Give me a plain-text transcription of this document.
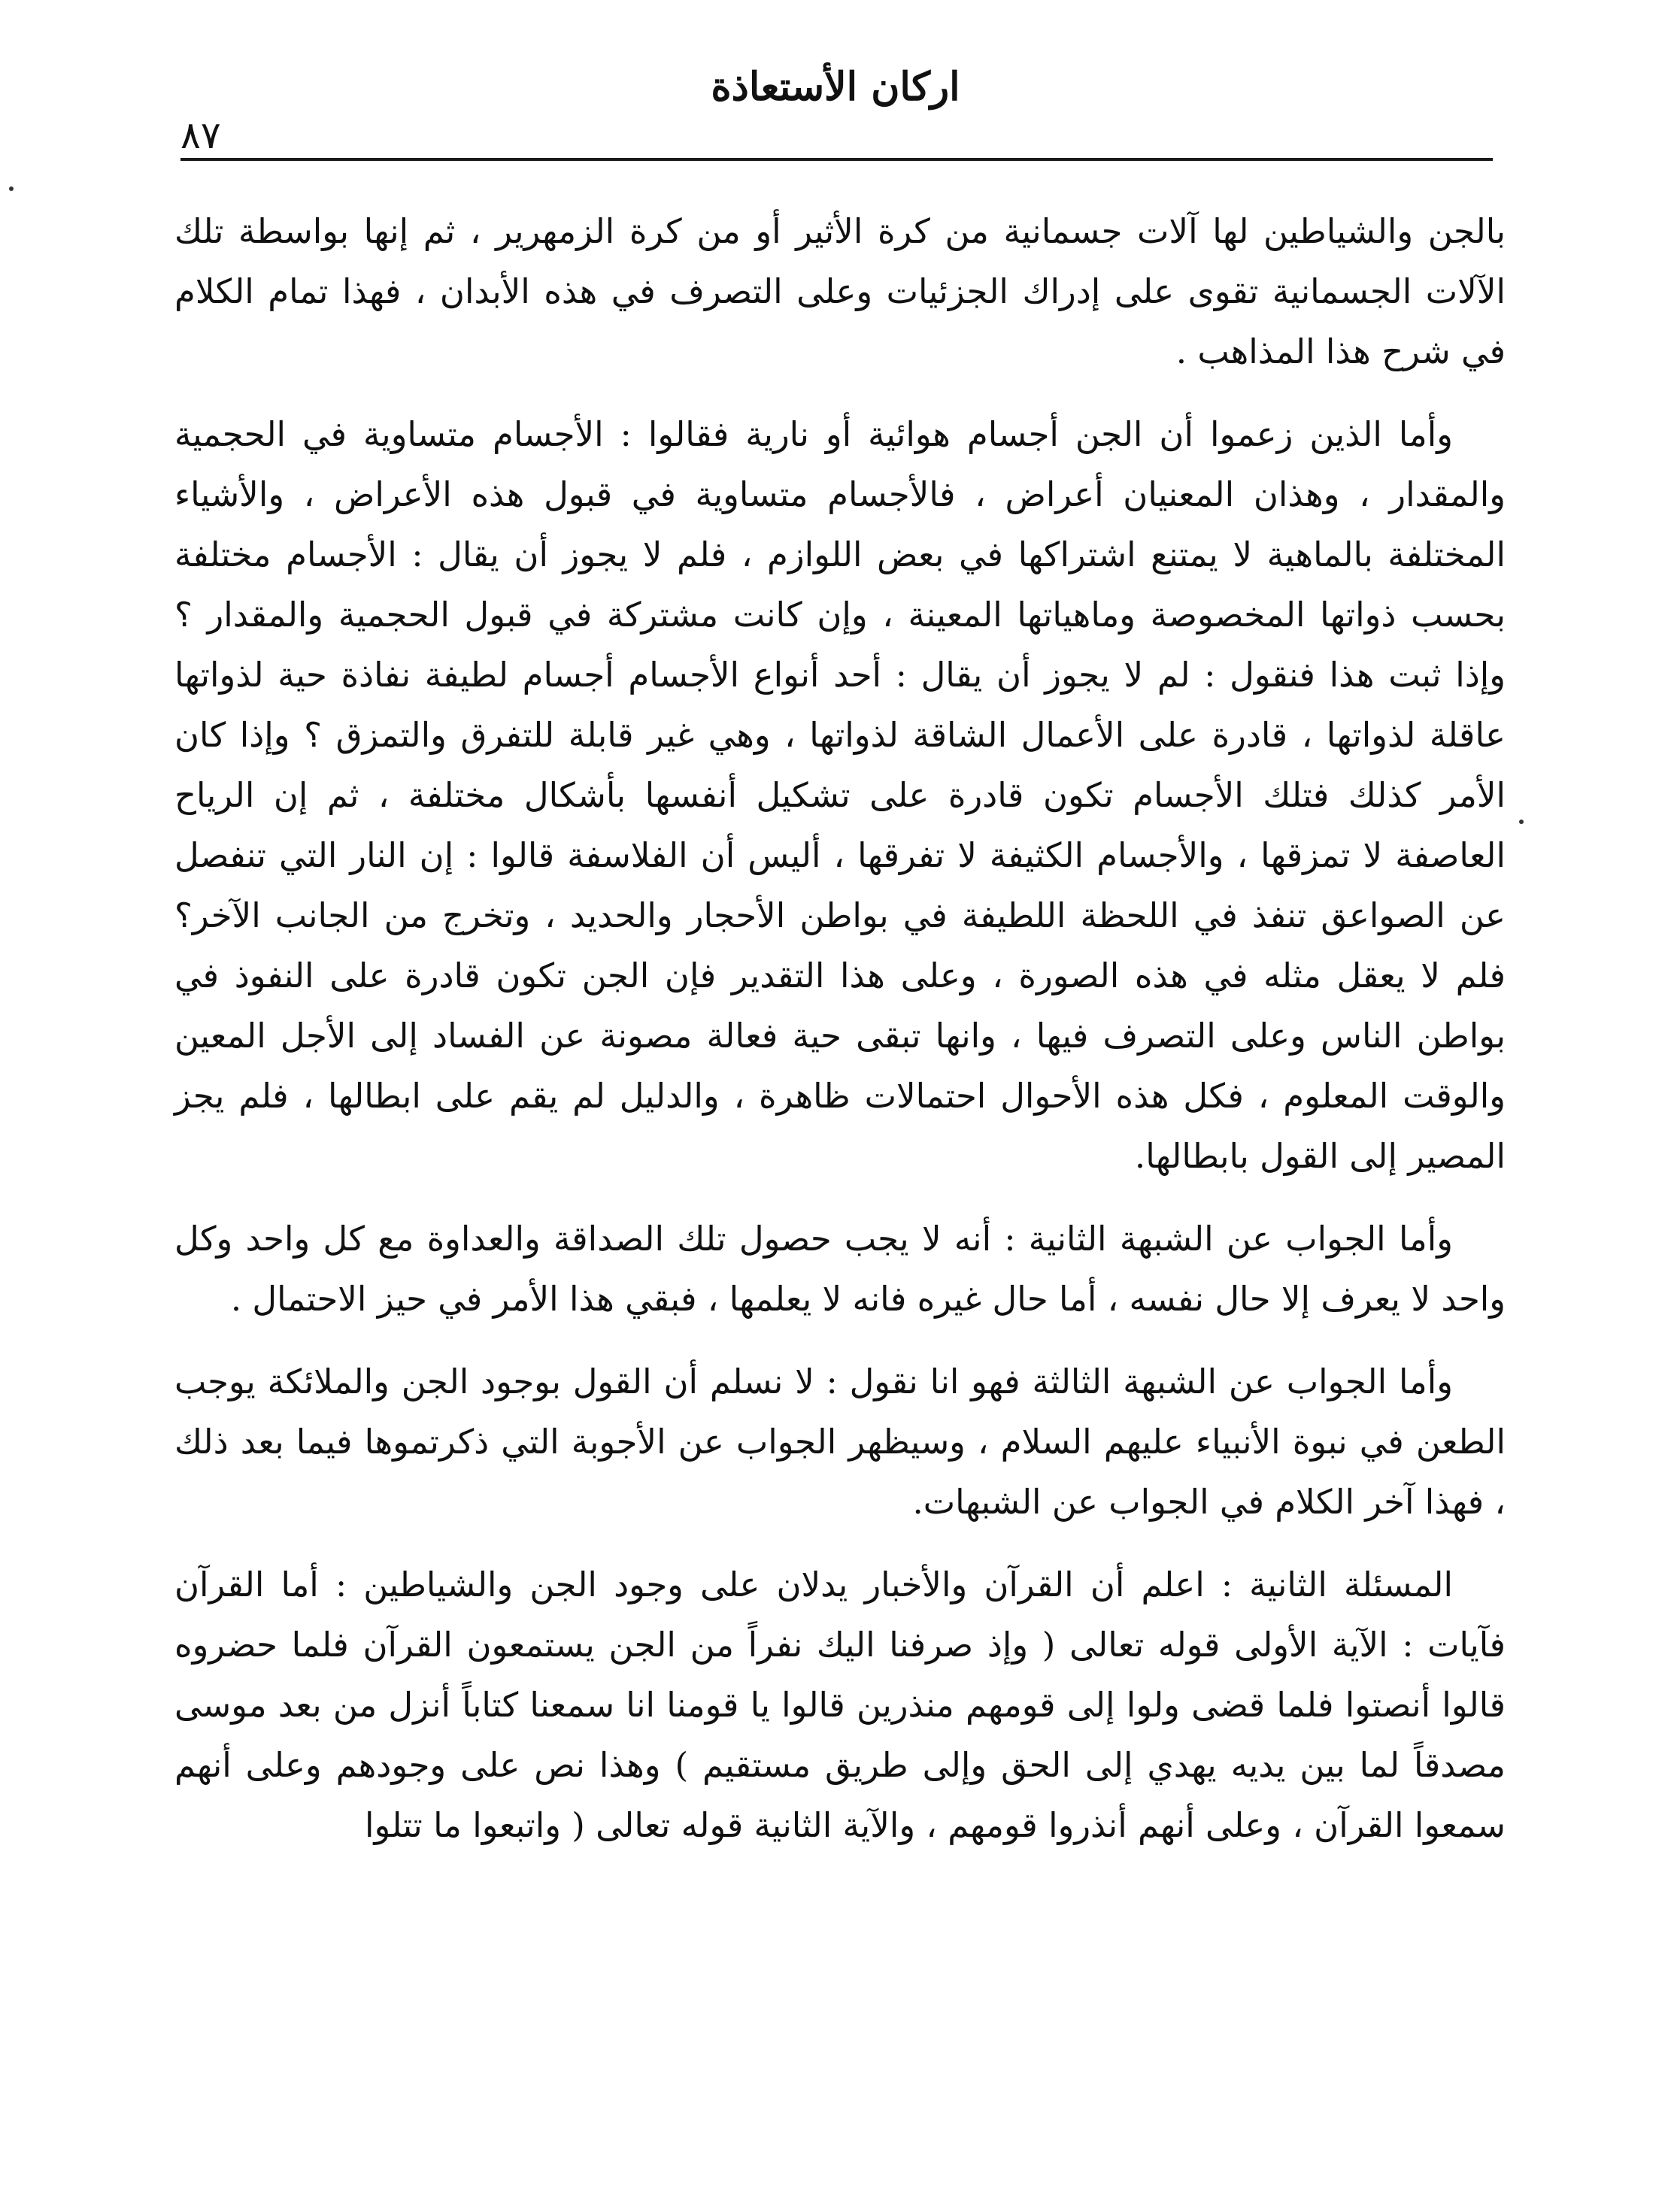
اركان الأستعاذة
٨٧

بالجن والشياطين لها آلات جسمانية من كرة الأثير أو من كرة الزمهرير ، ثم إنها بواسطة تلك الآلات الجسمانية تقوى على إدراك الجزئيات وعلى التصرف في هذه الأبدان ، فهذا تمام الكلام في شرح هذا المذاهب .

وأما الذين زعموا أن الجن أجسام هوائية أو نارية فقالوا : الأجسام متساوية في الحجمية والمقدار ، وهذان المعنيان أعراض ، فالأجسام متساوية في قبول هذه الأعراض ، والأشياء المختلفة بالماهية لا يمتنع اشتراكها في بعض اللوازم ، فلم لا يجوز أن يقال : الأجسام مختلفة بحسب ذواتها المخصوصة وماهياتها المعينة ، وإن كانت مشتركة في قبول الحجمية والمقدار ؟ وإذا ثبت هذا فنقول : لم لا يجوز أن يقال : أحد أنواع الأجسام أجسام لطيفة نفاذة حية لذواتها عاقلة لذواتها ، قادرة على الأعمال الشاقة لذواتها ، وهي غير قابلة للتفرق والتمزق ؟ وإذا كان الأمر كذلك فتلك الأجسام تكون قادرة على تشكيل أنفسها بأشكال مختلفة ، ثم إن الرياح العاصفة لا تمزقها ، والأجسام الكثيفة لا تفرقها ، أليس أن الفلاسفة قالوا : إن النار التي تنفصل عن الصواعق تنفذ في اللحظة اللطيفة في بواطن الأحجار والحديد ، وتخرج من الجانب الآخر؟ فلم لا يعقل مثله في هذه الصورة ، وعلى هذا التقدير فإن الجن تكون قادرة على النفوذ في بواطن الناس وعلى التصرف فيها ، وانها تبقى حية فعالة مصونة عن الفساد إلى الأجل المعين والوقت المعلوم ، فكل هذه الأحوال احتمالات ظاهرة ، والدليل لم يقم على ابطالها ، فلم يجز المصير إلى القول بابطالها.

وأما الجواب عن الشبهة الثانية : أنه لا يجب حصول تلك الصداقة والعداوة مع كل واحد وكل واحد لا يعرف إلا حال نفسه ، أما حال غيره فانه لا يعلمها ، فبقي هذا الأمر في حيز الاحتمال .

وأما الجواب عن الشبهة الثالثة فهو انا نقول : لا نسلم أن القول بوجود الجن والملائكة يوجب الطعن في نبوة الأنبياء عليهم السلام ، وسيظهر الجواب عن الأجوبة التي ذكرتموها فيما بعد ذلك ، فهذا آخر الكلام في الجواب عن الشبهات.

المسئلة الثانية : اعلم أن القرآن والأخبار يدلان على وجود الجن والشياطين : أما القرآن فآيات : الآية الأولى قوله تعالى ( وإذ صرفنا اليك نفراً من الجن يستمعون القرآن فلما حضروه قالوا أنصتوا فلما قضى ولوا إلى قومهم منذرين قالوا يا قومنا انا سمعنا كتاباً أنزل من بعد موسى مصدقاً لما بين يديه يهدي إلى الحق وإلى طريق مستقيم ) وهذا نص على وجودهم وعلى أنهم سمعوا القرآن ، وعلى أنهم أنذروا قومهم ، والآية الثانية قوله تعالى ( واتبعوا ما تتلوا
